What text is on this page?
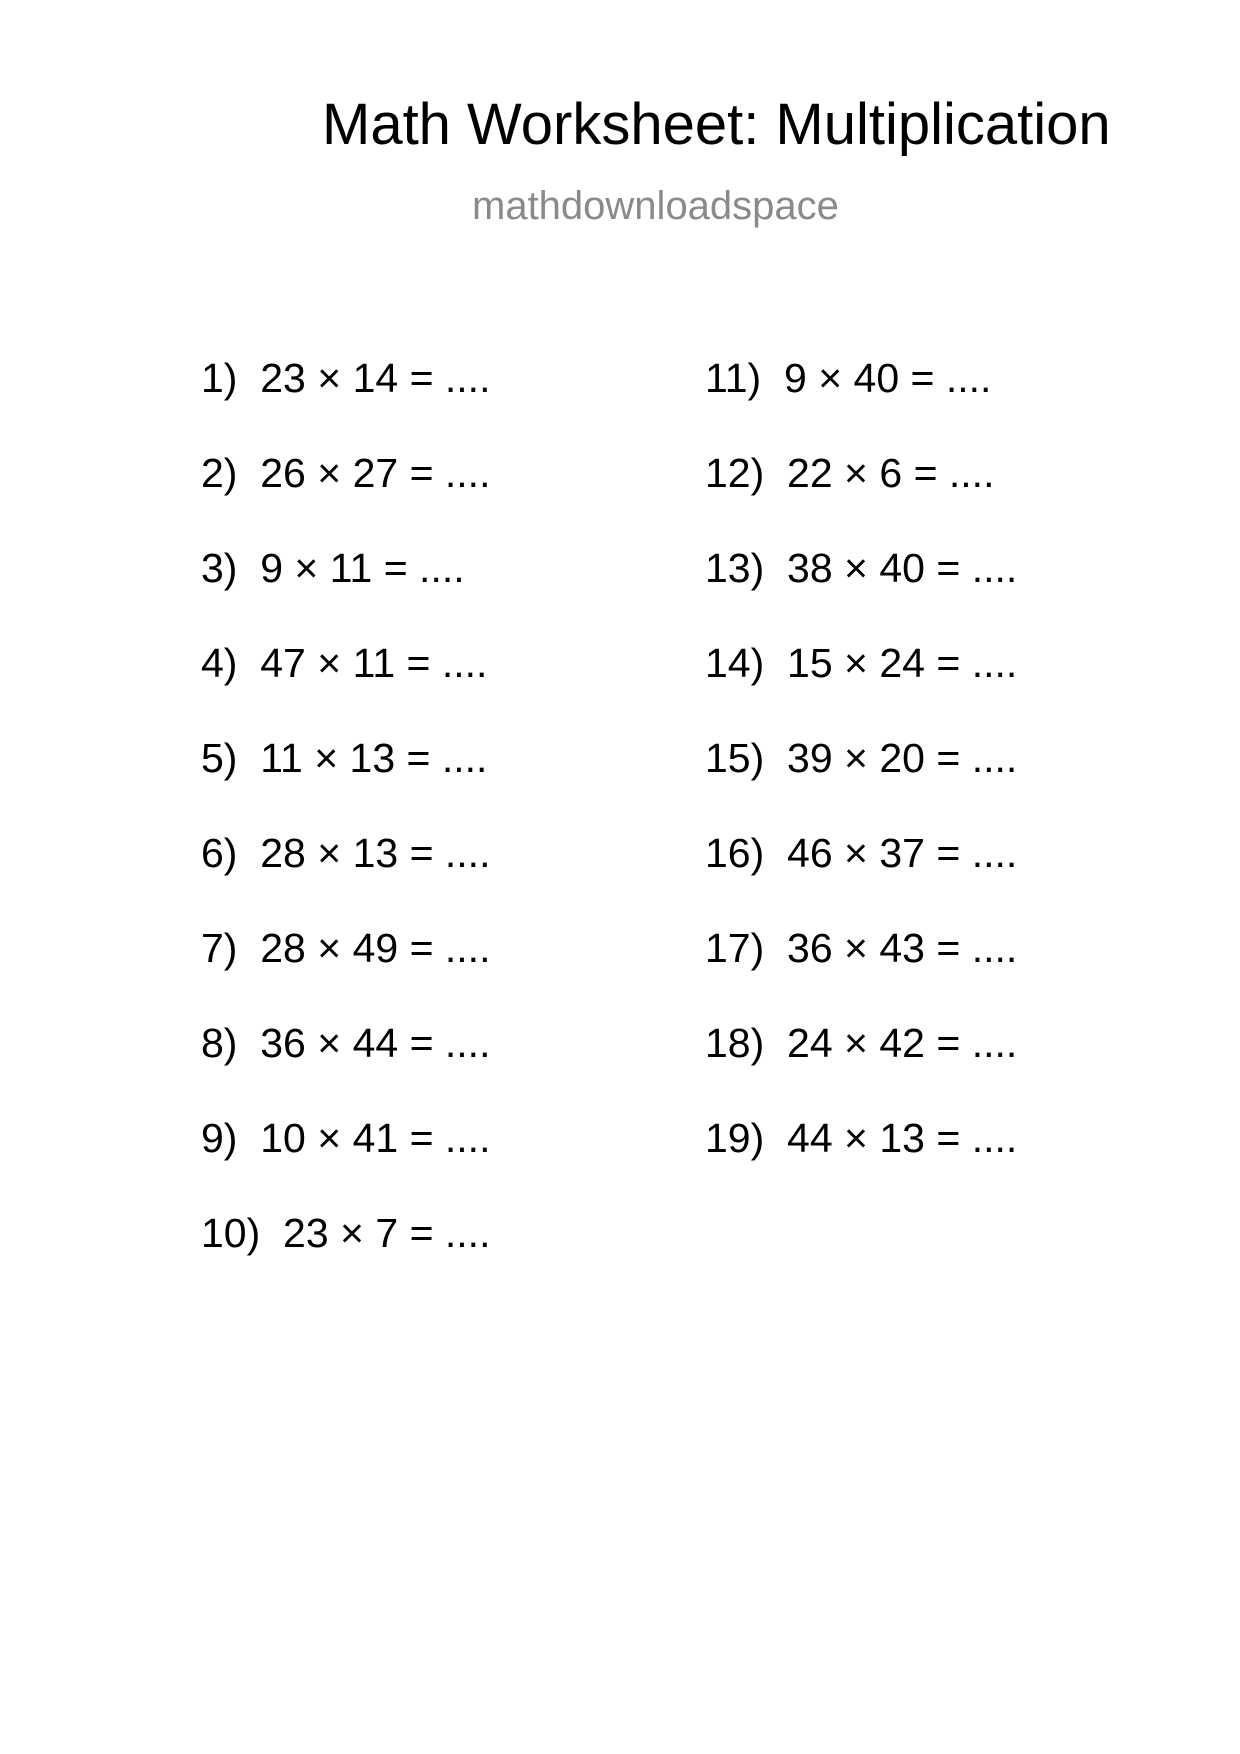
Math Worksheet: Multiplication
mathdownloadspace
1)  23 × 14 = ....
2)  26 × 27 = ....
3)  9 × 11 = ....
4)  47 × 11 = ....
5)  11 × 13 = ....
6)  28 × 13 = ....
7)  28 × 49 = ....
8)  36 × 44 = ....
9)  10 × 41 = ....
10)  23 × 7 = ....
11)  9 × 40 = ....
12)  22 × 6 = ....
13)  38 × 40 = ....
14)  15 × 24 = ....
15)  39 × 20 = ....
16)  46 × 37 = ....
17)  36 × 43 = ....
18)  24 × 42 = ....
19)  44 × 13 = ....
